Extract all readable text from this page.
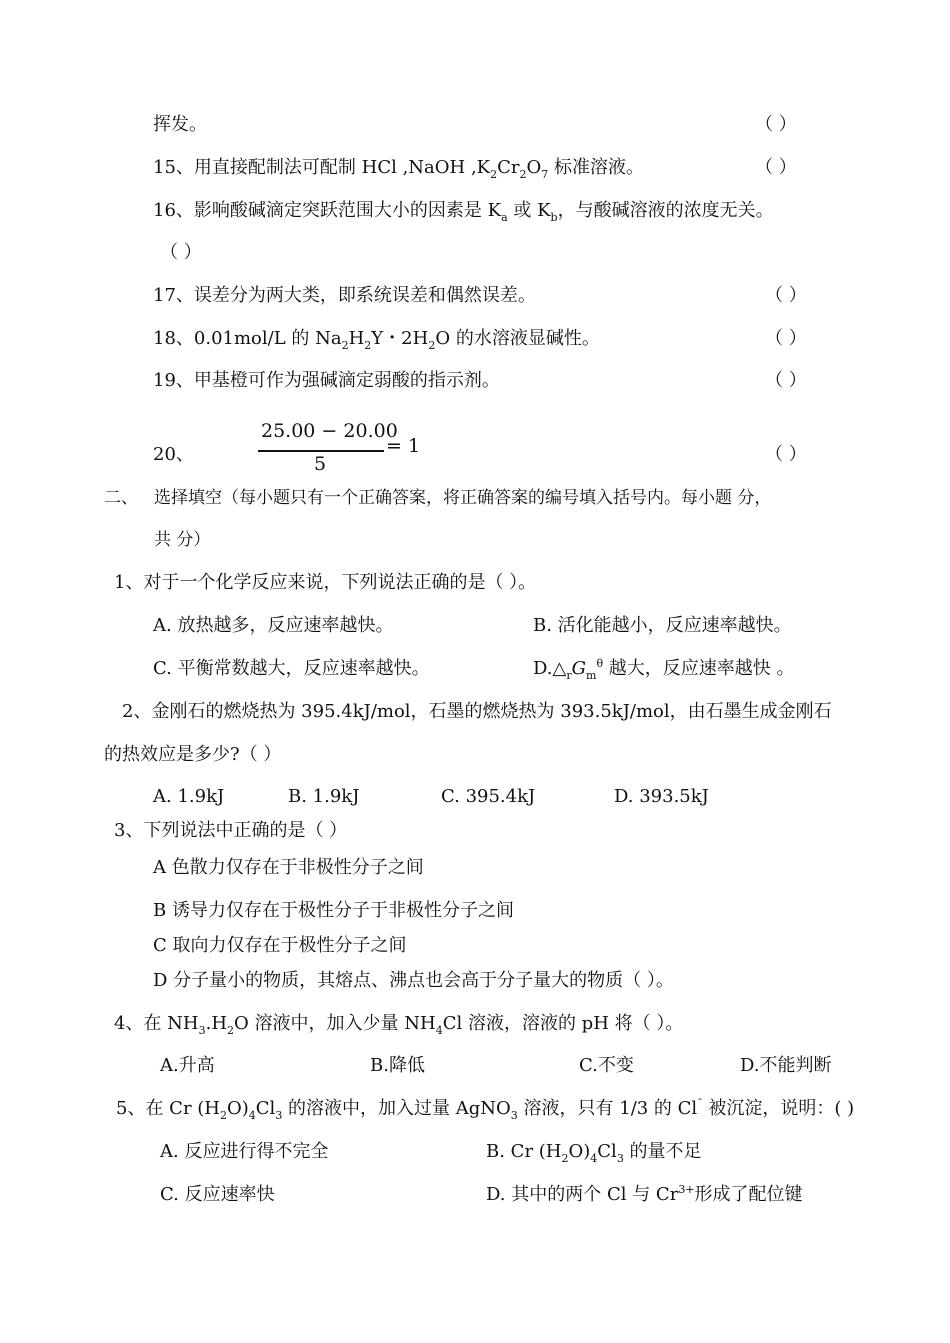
挥发。	（ ）
15、用直接配制法可配制 HCl ,NaOH $,K_2Cr_2O_7$ 标准溶液。	（ ）
16、影响酸碱滴定突跃范围大小的因素是 $K_a$ 或 $K_b$，与酸碱溶液的浓度无关。
（ ）
17、误差分为两大类，即系统误差和偶然误差。	（ ）
18、0.01mol/L 的 $Na_2H_2Y$・$2H_2O$ 的水溶液显碱性。	（ ）
19、甲基橙可作为强碱滴定弱酸的指示剂。	（ ）
20、
25.00 − 20.00
5
= 1	（ ）
二、 选择填空（每小题只有一个正确答案，将正确答案的编号填入括号内。每小题 分，
共 分）
1、对于一个化学反应来说，下列说法正确的是（ ）。
A. 放热越多，反应速率越快。	B. 活化能越小，反应速率越快。
C. 平衡常数越大，反应速率越快。	$D.\triangle_rG_m^\theta$ 越大，反应速率越快 。
2、金刚石的燃烧热为 395.4kJ/mol，石墨的燃烧热为 393.5kJ/mol，由石墨生成金刚石
的热效应是多少?（ ）
A. 1.9kJ	B. 1.9kJ	C. 395.4kJ	D. 393.5kJ
3、下列说法中正确的是（ ）
A 色散力仅存在于非极性分子之间
B 诱导力仅存在于极性分子于非极性分子之间
C 取向力仅存在于极性分子之间
D 分子量小的物质，其熔点、沸点也会高于分子量大的物质（ ）。
4、在 $NH_3.H_2O$ 溶液中，加入少量 $NH_4Cl$ 溶液，溶液的 pH 将（ ）。
A.升高	B.降低	C.不变	D.不能判断
5、在 Cr $(H_2O)_4Cl_3$ 的溶液中，加入过量 AgNO$_3$ 溶液，只有 1/3 的 Cl¯ 被沉淀，说明：( )
A. 反应进行得不完全	B. Cr $(H_2O)_4Cl_3$ 的量不足
C. 反应速率快	D. 其中的两个 Cl 与 $Cr^{3+}$形成了配位键
